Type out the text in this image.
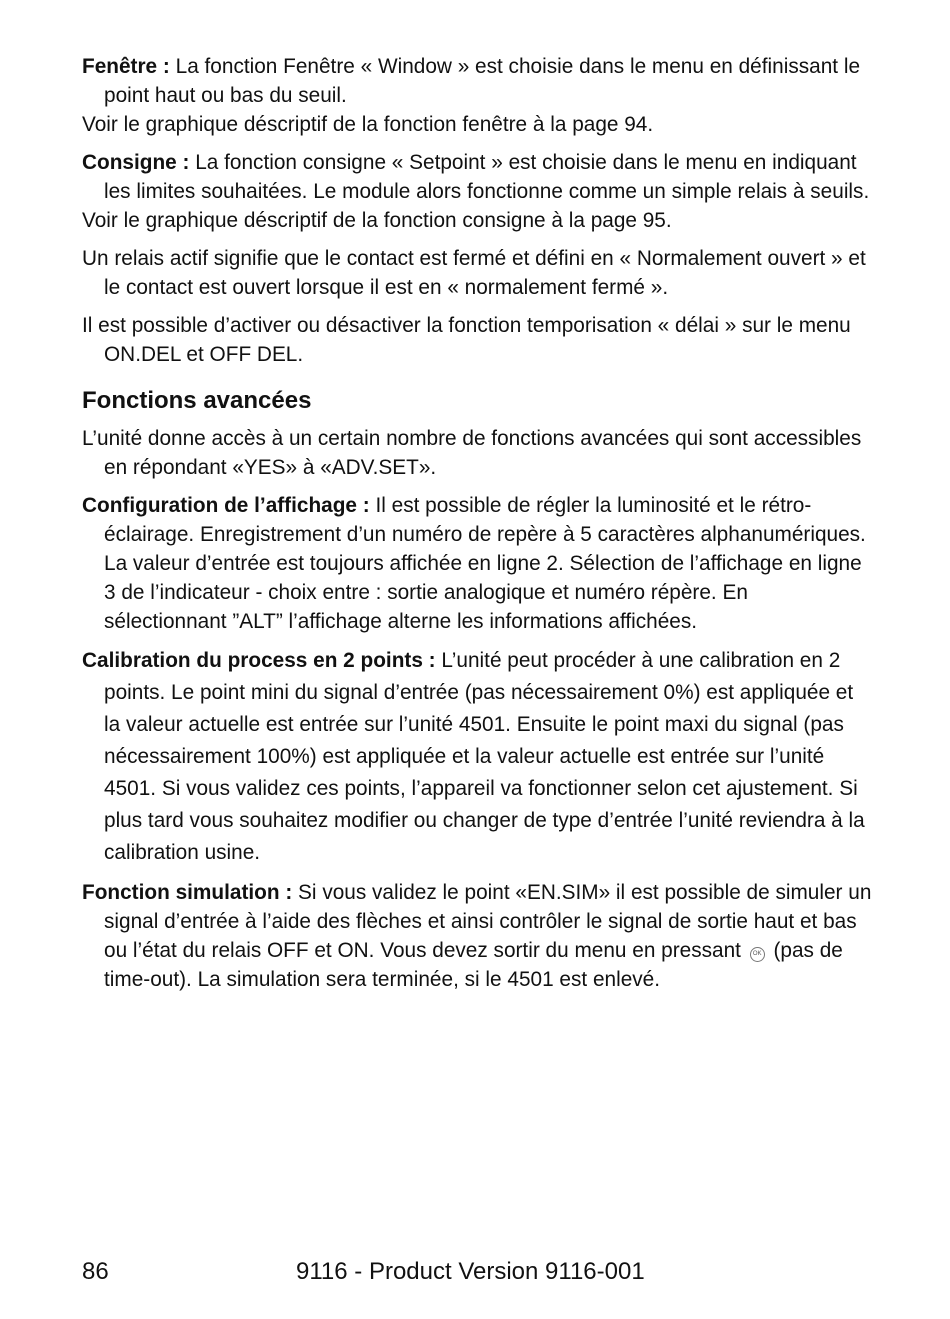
Fenêtre : La fonction Fenêtre « Window » est choisie dans le menu en définissant le point haut ou bas du seuil.
Voir le graphique déscriptif de la fonction fenêtre à la page 94.

Consigne : La fonction consigne « Setpoint » est choisie dans le menu en indiquant les limites souhaitées. Le module alors fonctionne comme un simple relais à seuils.
Voir le graphique déscriptif de la fonction consigne à la page 95.

Un relais actif signifie que le contact est fermé et défini en « Normalement ouvert » et le contact est ouvert lorsque il est en « normalement fermé ».

Il est possible d’activer ou désactiver la fonction temporisation « délai » sur le menu ON.DEL et OFF DEL.

Fonctions avancées

L’unité donne accès à un certain nombre de fonctions avancées qui sont accessibles en répondant «YES» à «ADV.SET».

Configuration de l’affichage : Il est possible de régler la luminosité et le rétro-éclairage. Enregistrement d’un numéro de repère à 5 caractères alphanumériques. La valeur d’entrée est toujours affichée en ligne 2. Sélection de l’affichage en ligne 3 de l’indicateur - choix entre : sortie analogique et numéro répère. En sélectionnant ”ALT” l’affichage alterne les informations affichées.

Calibration du process en 2 points : L’unité peut procéder à une calibration en 2 points. Le point mini du signal d’entrée (pas nécessairement 0%) est appliquée et la valeur actuelle est entrée sur l’unité 4501. Ensuite le point maxi du signal (pas nécessairement 100%) est appliquée et la valeur actuelle est entrée sur l’unité 4501. Si vous validez ces points, l’appareil va fonctionner selon cet ajustement. Si plus tard vous souhaitez modifier ou changer de type d’entrée l’unité reviendra à la calibration usine.

Fonction simulation : Si vous validez le point «EN.SIM» il est possible de simuler un signal d’entrée à l’aide des flèches et ainsi contrôler le signal de sortie haut et bas ou l’état du relais OFF et ON. Vous devez sortir du menu en pressant OK (pas de time-out). La simulation sera terminée, si le 4501 est enlevé.

86	9116 - Product Version 9116-001
